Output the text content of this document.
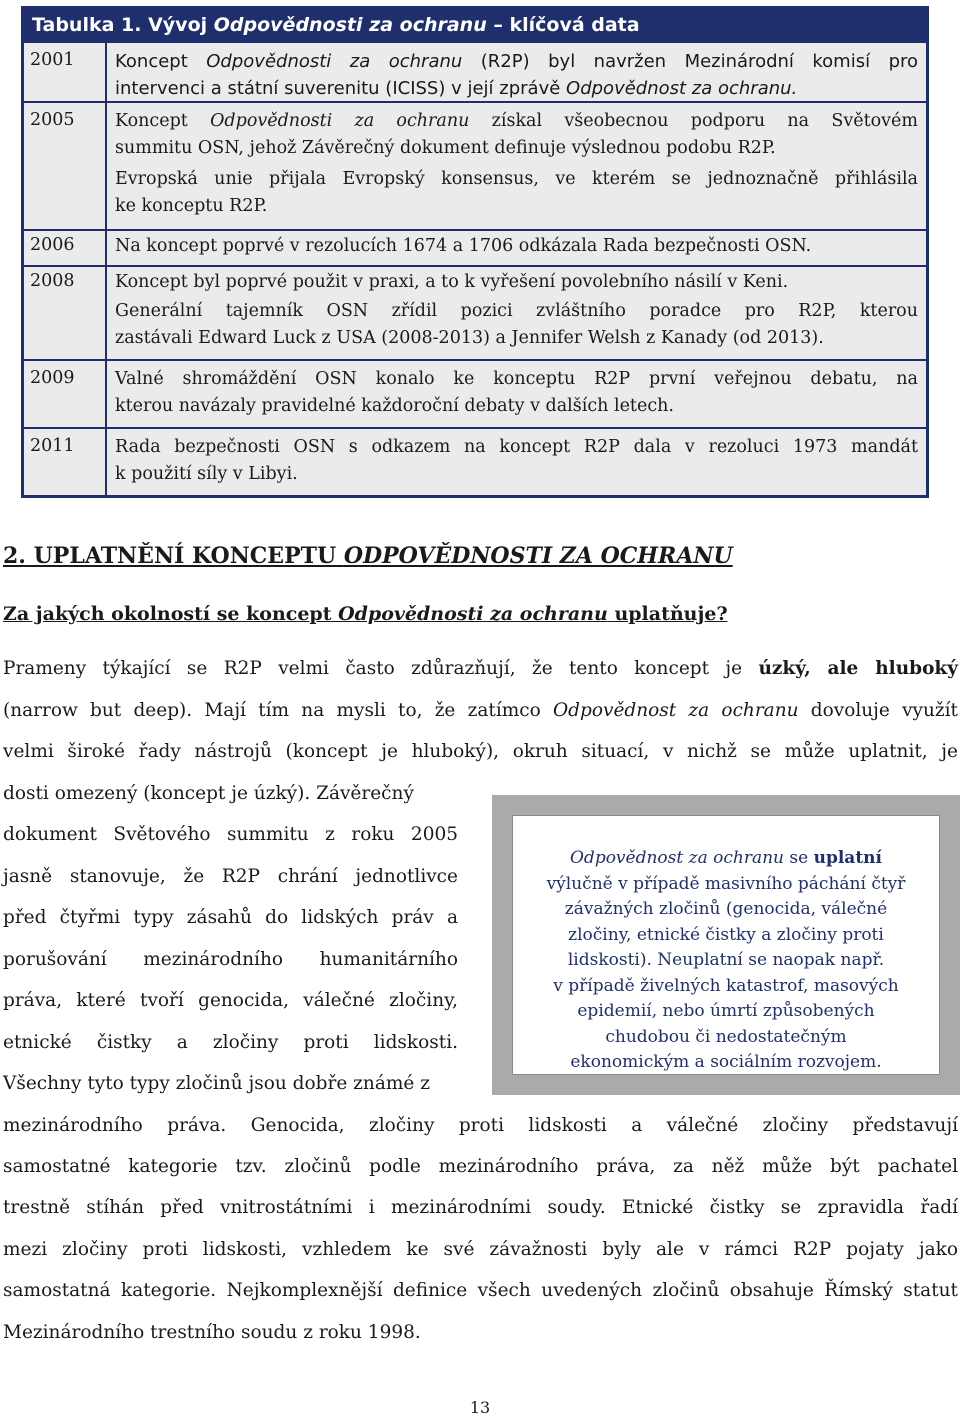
Tabulka 1. Vývoj Odpovědnosti za ochranu – klíčová data
2001	Koncept Odpovědnosti za ochranu (R2P) byl navržen Mezinárodní komisí pro
intervenci a státní suverenitu (ICISS) v její zprávě Odpovědnost za ochranu.
2005	Koncept Odpovědnosti za ochranu získal všeobecnou podporu na Světovém
summitu OSN, jehož Závěrečný dokument definuje výslednou podobu R2P.
Evropská unie přijala Evropský konsensus, ve kterém se jednoznačně přihlásila
ke konceptu R2P.
2006	Na koncept poprvé v rezolucích 1674 a 1706 odkázala Rada bezpečnosti OSN.
2008	Koncept byl poprvé použit v praxi, a to k vyřešení povolebního násilí v Keni.
Generální tajemník OSN zřídil pozici zvláštního poradce pro R2P, kterou
zastávali Edward Luck z USA (2008-2013) a Jennifer Welsh z Kanady (od 2013).
2009	Valné shromáždění OSN konalo ke konceptu R2P první veřejnou debatu, na
kterou navázaly pravidelné každoroční debaty v dalších letech.
2011	Rada bezpečnosti OSN s odkazem na koncept R2P dala v rezoluci 1973 mandát
k použití síly v Libyi.
2. UPLATNĚNÍ KONCEPTU ODPOVĚDNOSTI ZA OCHRANU
Za jakých okolností se koncept Odpovědnosti za ochranu uplatňuje?
Prameny týkající se R2P velmi často zdůrazňují, že tento koncept je úzký, ale hluboký
(narrow but deep). Mají tím na mysli to, že zatímco Odpovědnost za ochranu dovoluje využít
velmi široké řady nástrojů (koncept je hluboký), okruh situací, v nichž se může uplatnit, je
dosti omezený (koncept je úzký). Závěrečný
dokument Světového summitu z roku 2005
jasně stanovuje, že R2P chrání jednotlivce
před čtyřmi typy zásahů do lidských práv a
porušování mezinárodního humanitárního
práva, které tvoří genocida, válečné zločiny,
etnické čistky a zločiny proti lidskosti.
Všechny tyto typy zločinů jsou dobře známé z
mezinárodního práva. Genocida, zločiny proti lidskosti a válečné zločiny představují
samostatné kategorie tzv. zločinů podle mezinárodního práva, za něž může být pachatel
trestně stíhán před vnitrostátními i mezinárodními soudy. Etnické čistky se zpravidla řadí
mezi zločiny proti lidskosti, vzhledem ke své závažnosti byly ale v rámci R2P pojaty jako
samostatná kategorie. Nejkomplexnější definice všech uvedených zločinů obsahuje Římský statut
Mezinárodního trestního soudu z roku 1998.
Odpovědnost za ochranu se uplatní
výlučně v případě masivního páchání čtyř
závažných zločinů (genocida, válečné
zločiny, etnické čistky a zločiny proti
lidskosti). Neuplatní se naopak např.
v případě živelných katastrof, masových
epidemií, nebo úmrtí způsobených
chudobou či nedostatečným
ekonomickým a sociálním rozvojem.
13
